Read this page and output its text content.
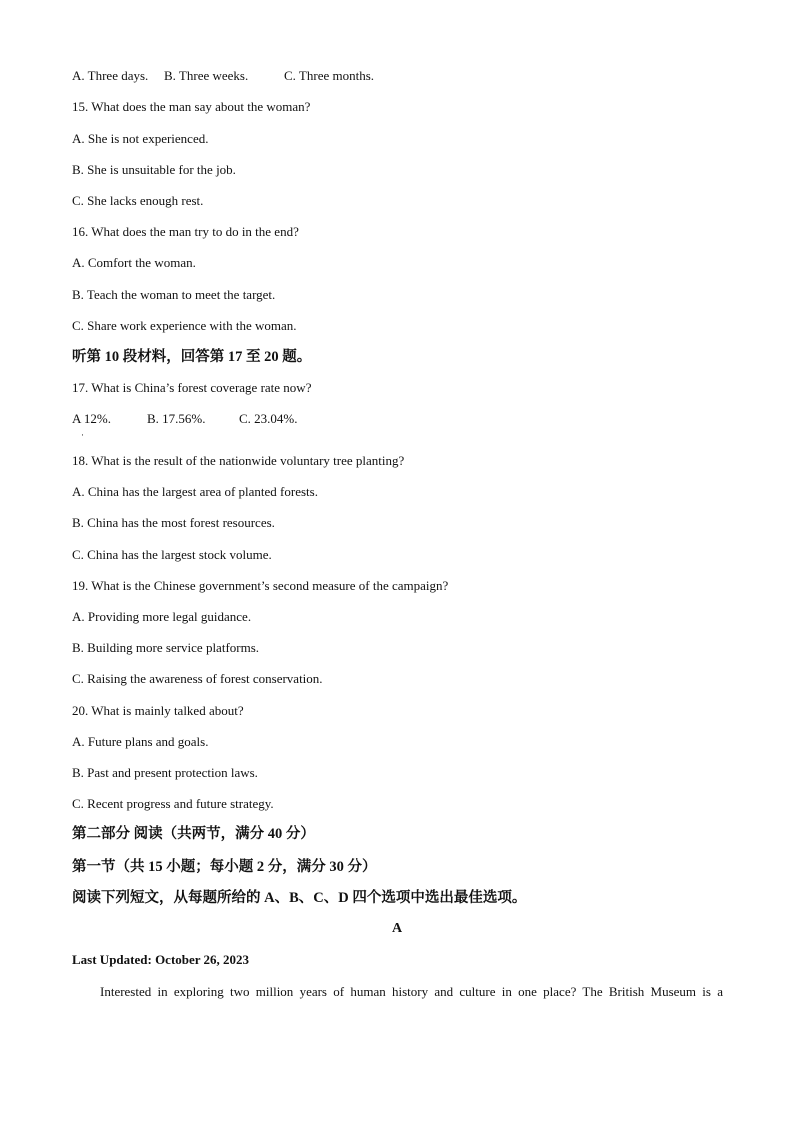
A. Three days. B. Three weeks.	C. Three months.
15. What does the man say about the woman?
A. She is not experienced.
B. She is unsuitable for the job.
C. She lacks enough rest.
16. What does the man try to do in the end?
A. Comfort the woman.
B. Teach the woman to meet the target.
C. Share work experience with the woman.
听第 10 段材料，回答第 17 至 20 题。
17. What is China’s forest coverage rate now?
A 12%.	B. 17.56%.	C. 23.04%.
·
18. What is the result of the nationwide voluntary tree planting?
A. China has the largest area of planted forests.
B. China has the most forest resources.
C. China has the largest stock volume.
19. What is the Chinese government’s second measure of the campaign?
A. Providing more legal guidance.
B. Building more service platforms.
C. Raising the awareness of forest conservation.
20. What is mainly talked about?
A. Future plans and goals.
B. Past and present protection laws.
C. Recent progress and future strategy.
第二部分 阅读（共两节，满分 40 分）
第一节（共 15 小题；每小题 2 分，满分 30 分）
阅读下列短文，从每题所给的 A、B、C、D 四个选项中选出最佳选项。
A
Last Updated: October 26, 2023
Interested in exploring two million years of human history and culture in one place? The British Museum is a
